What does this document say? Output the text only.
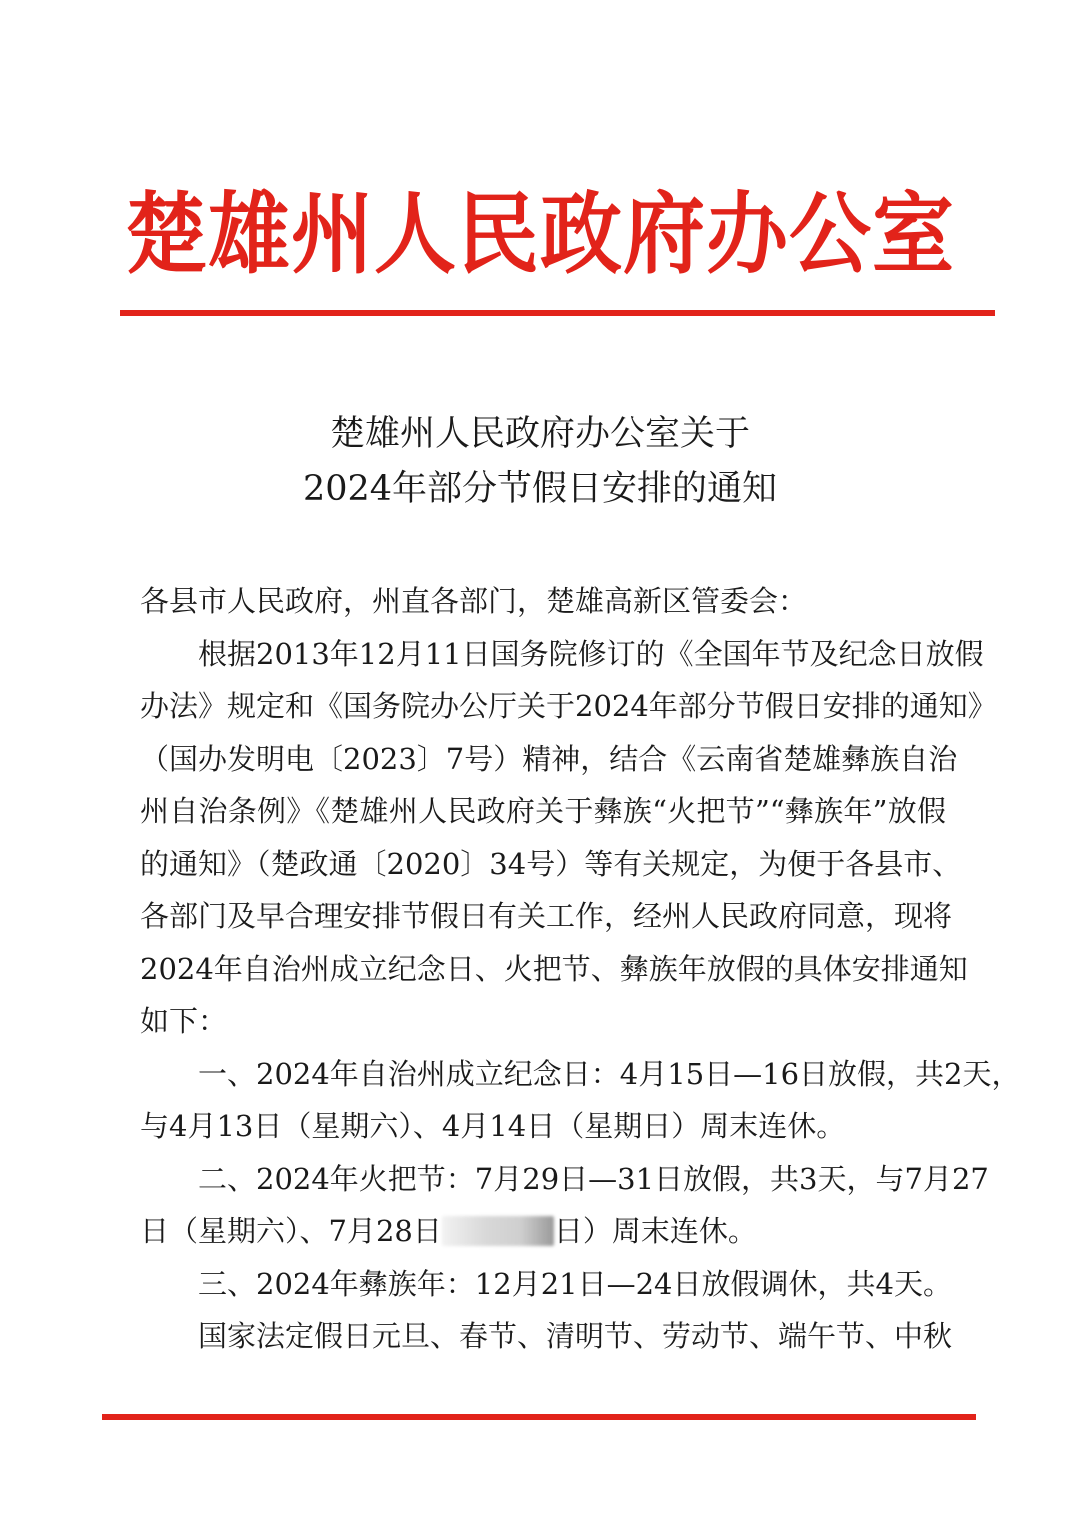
楚雄州人民政府办公室
楚雄州人民政府办公室关于
2024年部分节假日安排的通知
各县市人民政府，州直各部门，楚雄高新区管委会：
根据2013年12月11日国务院修订的《全国年节及纪念日放假
办法》规定和《国务院办公厅关于2024年部分节假日安排的通知》
（国办发明电〔2023〕7号）精神，结合《云南省楚雄彝族自治
州自治条例》《楚雄州人民政府关于彝族“火把节”“彝族年”放假
的通知》（楚政通〔2020〕34号）等有关规定，为便于各县市、
各部门及早合理安排节假日有关工作，经州人民政府同意，现将
2024年自治州成立纪念日、火把节、彝族年放假的具体安排通知
如下：
一、2024年自治州成立纪念日：4月15日—16日放假，共2天，
与4月13日（星期六）、4月14日（星期日）周末连休。
二、2024年火把节：7月29日—31日放假，共3天，与7月27
日（星期六）、7月28日	日）周末连休。
三、2024年彝族年：12月21日—24日放假调休，共4天。
国家法定假日元旦、春节、清明节、劳动节、端午节、中秋
